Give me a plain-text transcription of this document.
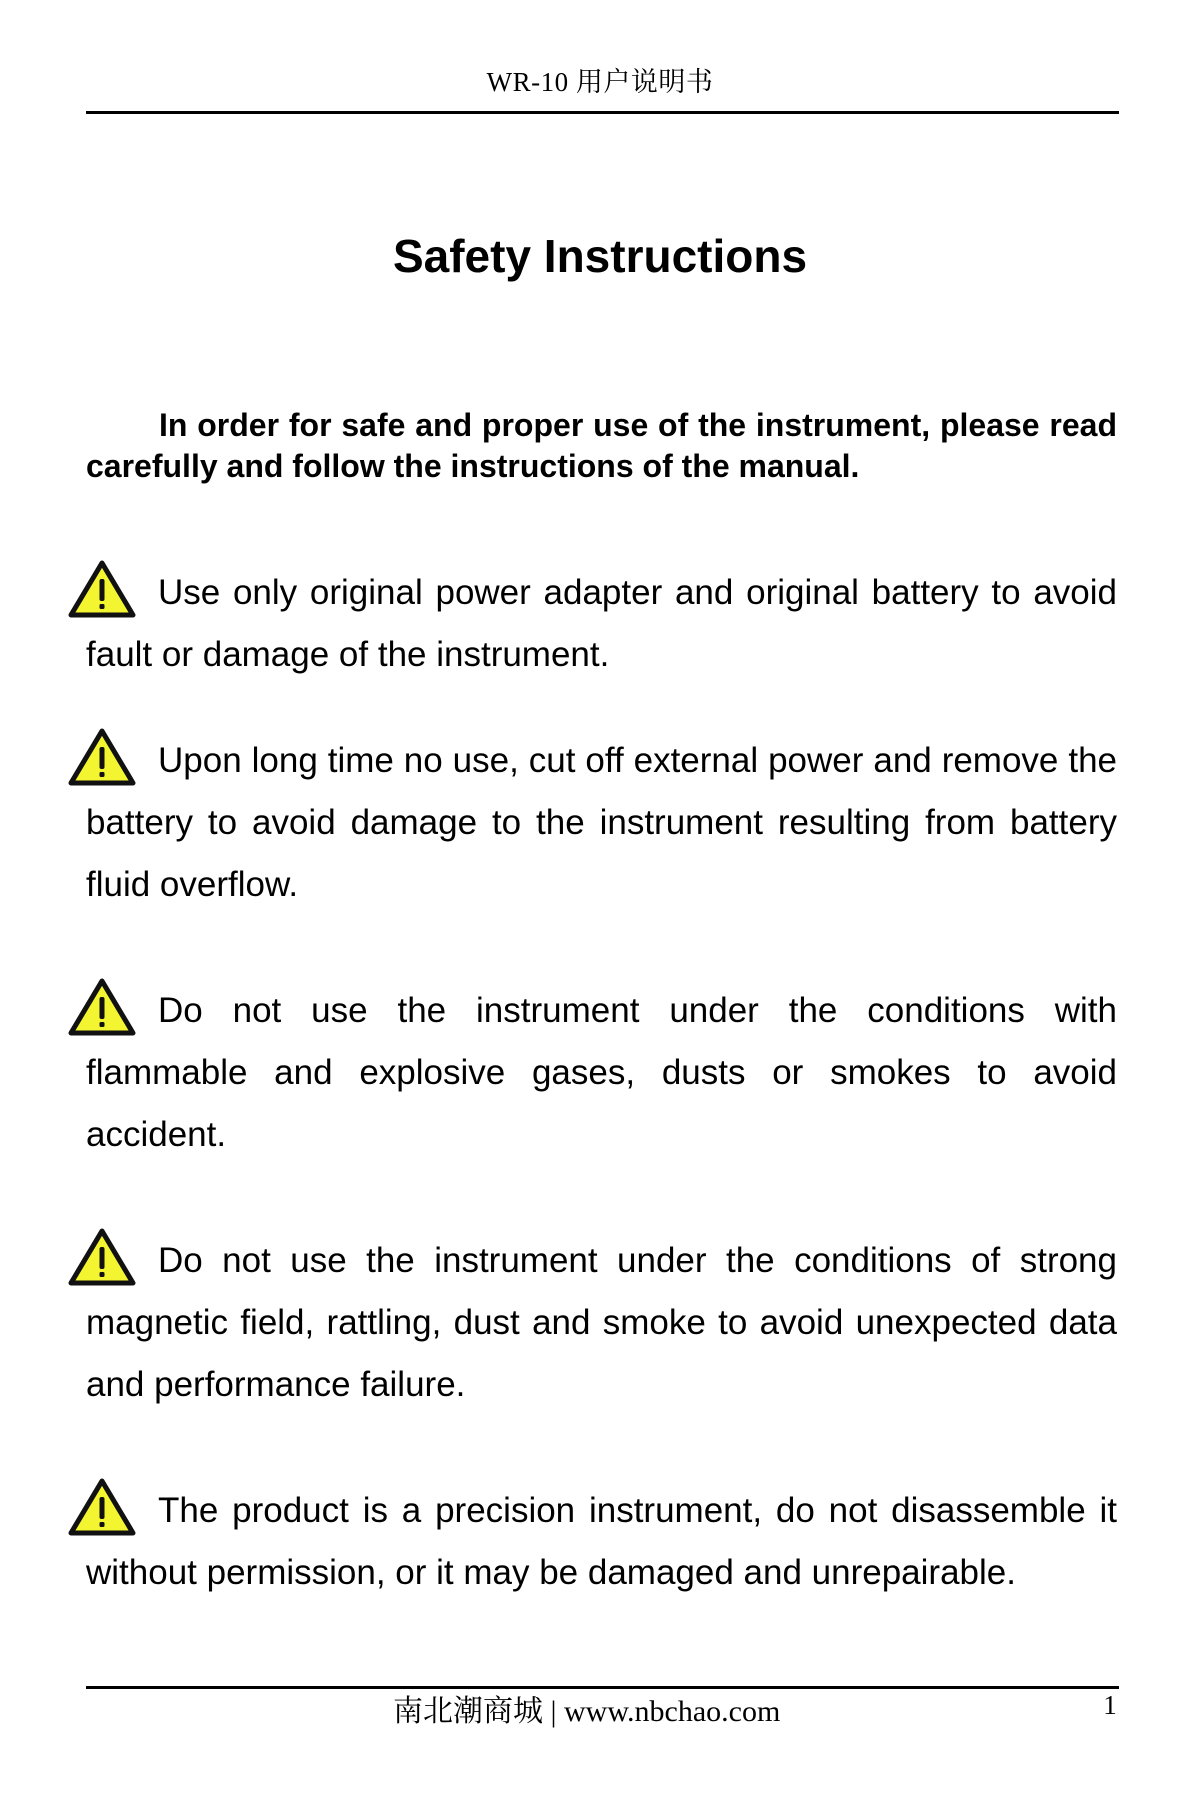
WR-10 用户说明书
Safety Instructions

In order for safe and proper use of the instrument, please read carefully and follow the instructions of the manual.

Use only original power adapter and original battery to avoid fault or damage of the instrument.
Upon long time no use, cut off external power and remove the battery to avoid damage to the instrument resulting from battery fluid overflow.
Do not use the instrument under the conditions with flammable and explosive gases, dusts or smokes to avoid accident.
Do not use the instrument under the conditions of strong magnetic field, rattling, dust and smoke to avoid unexpected data and performance failure.
The product is a precision instrument, do not disassemble it without permission, or it may be damaged and unrepairable.
南北潮商城 | www.nbchao.com	1
